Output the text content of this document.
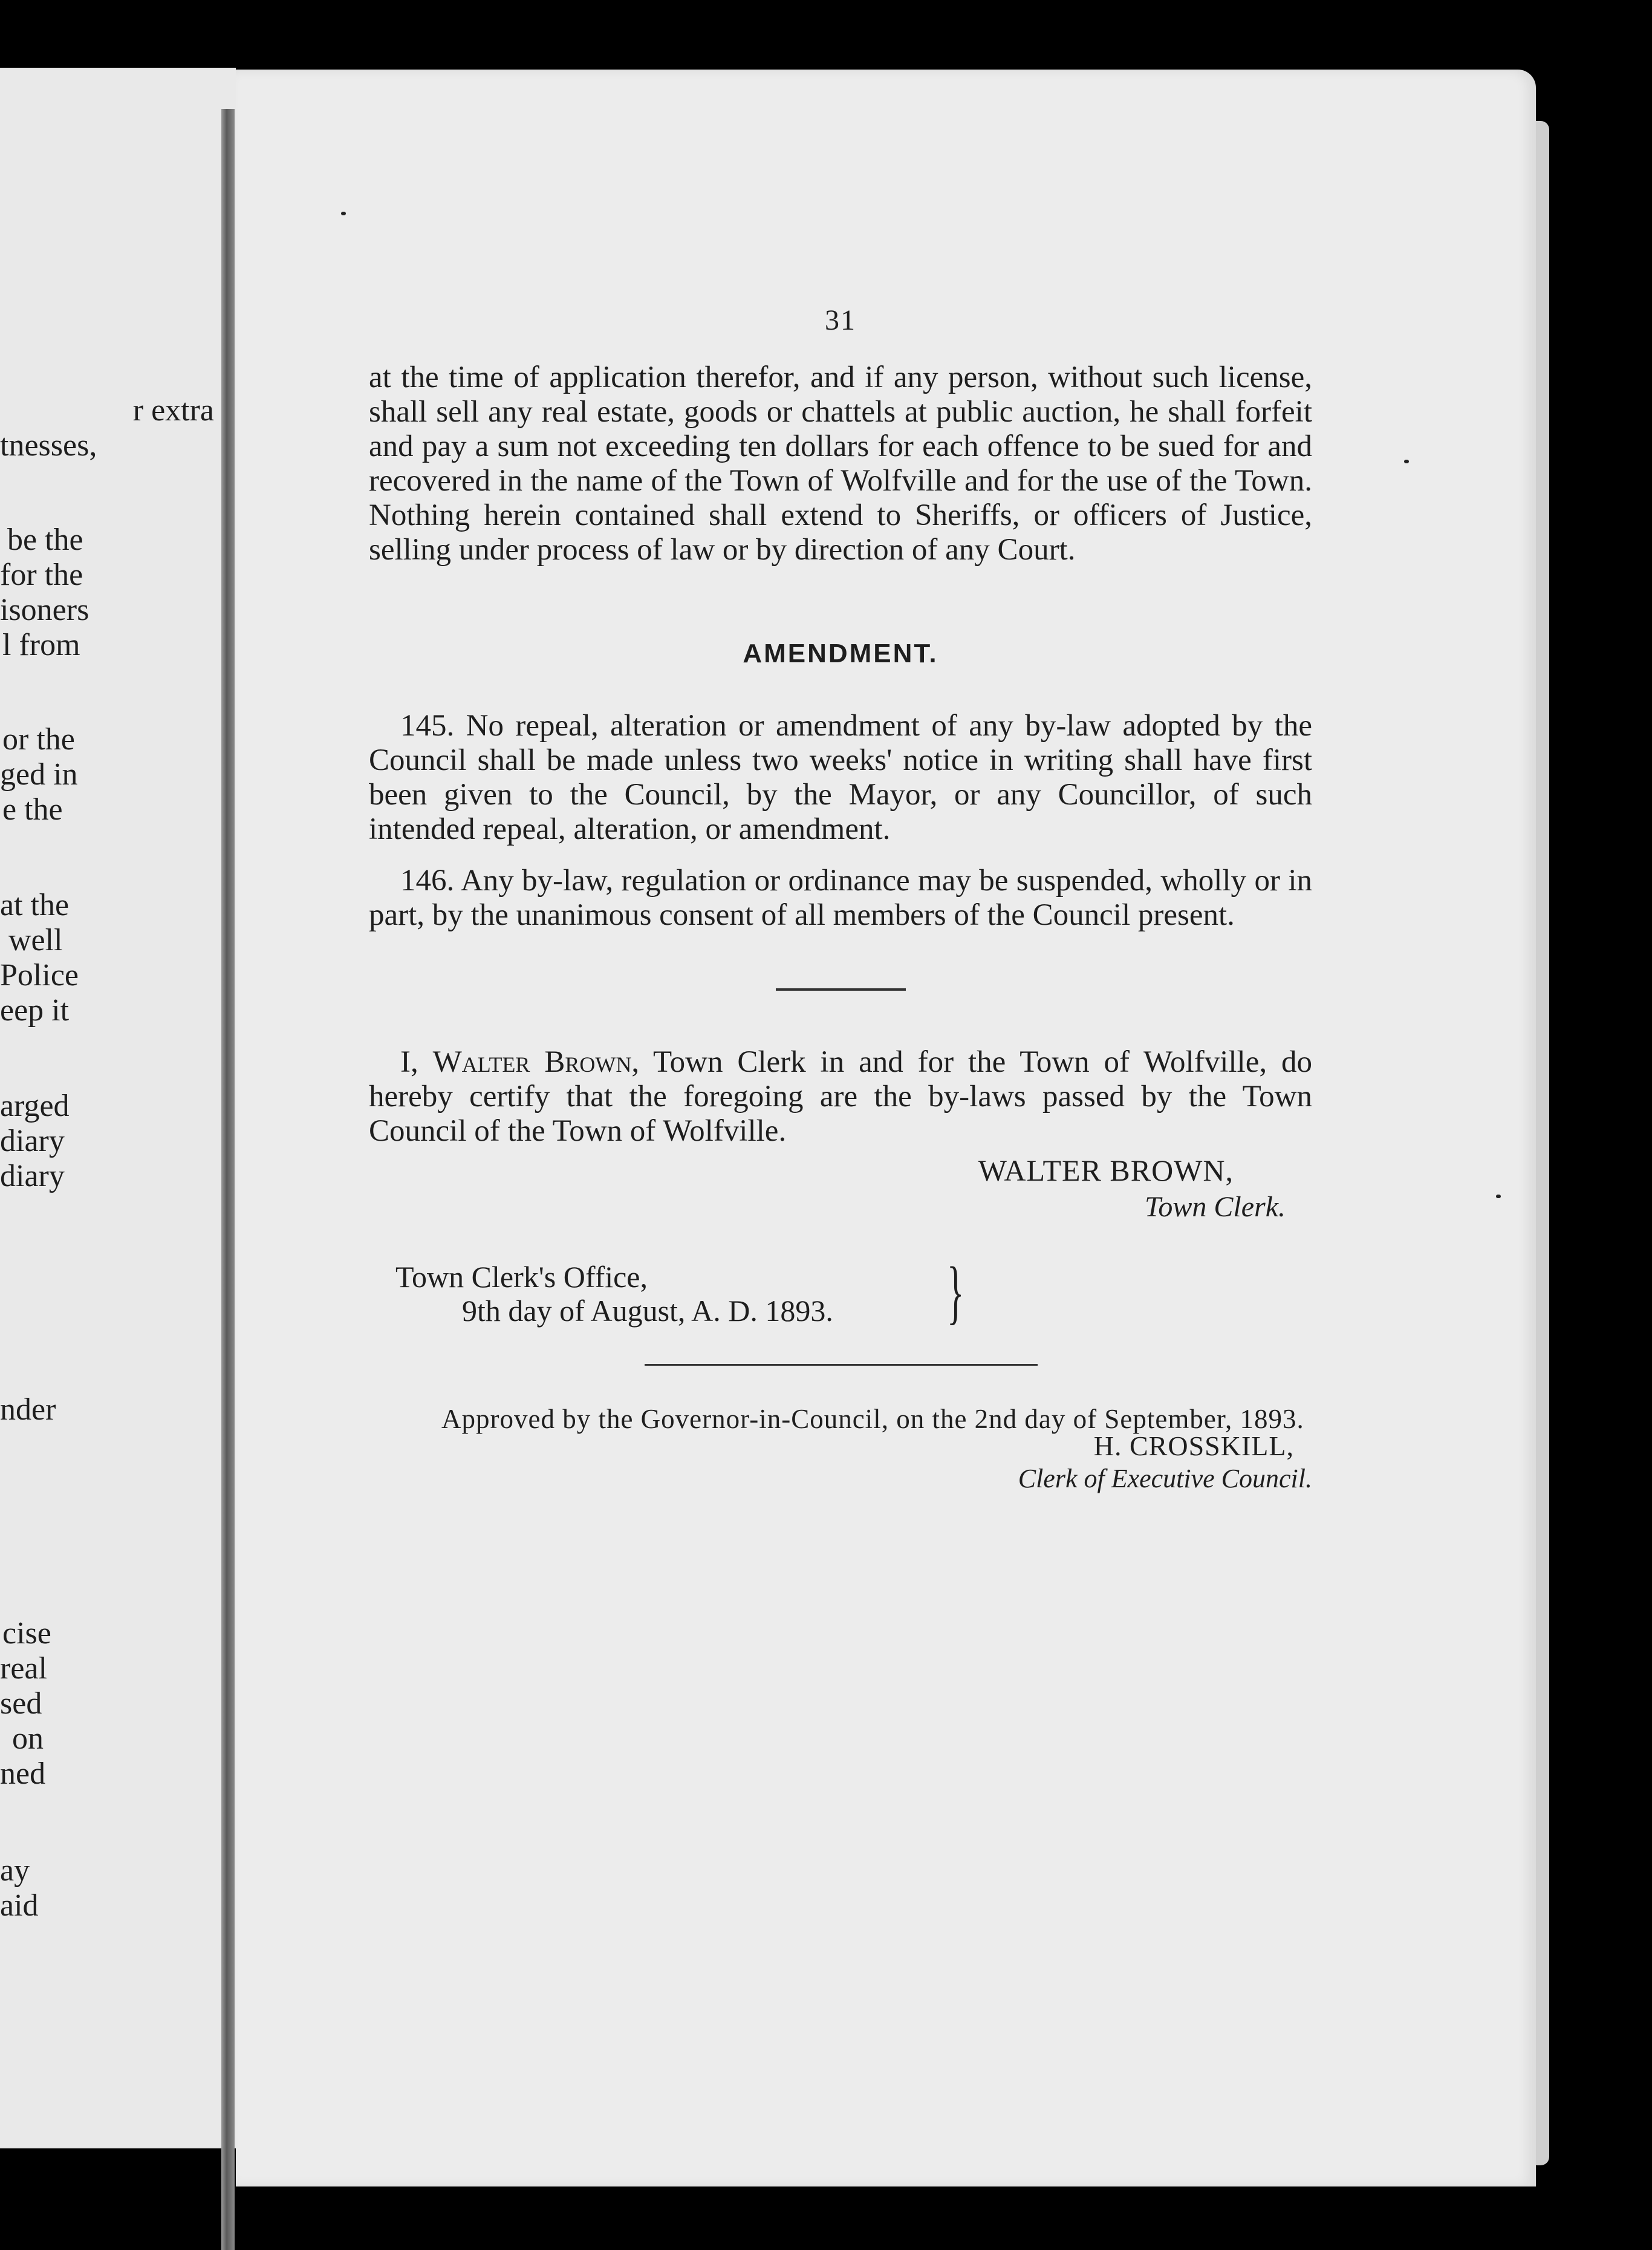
r extra
tnesses,
be the
for the
isoners
l from
or the
ged in
e the
at the
well
Police
eep it
arged
diary
diary
nder
cise
real
sed
on
ned
ay
aid
31

at the time of application therefor, and if any person, without such license, shall sell any real estate, goods or chattels at public auction, he shall forfeit and pay a sum not exceeding ten dollars for each offence to be sued for and recovered in the name of the Town of Wolfville and for the use of the Town. Nothing herein contained shall extend to Sheriffs, or officers of Justice, selling under process of law or by direction of any Court.

AMENDMENT.

145. No repeal, alteration or amendment of any by-law adopted by the Council shall be made unless two weeks' notice in writing shall have first been given to the Council, by the Mayor, or any Councillor, of such intended repeal, alteration, or amendment.

146. Any by-law, regulation or ordinance may be suspended, wholly or in part, by the unanimous consent of all members of the Council present.

I, Walter Brown, Town Clerk in and for the Town of Wolfville, do hereby certify that the foregoing are the by-laws passed by the Town Council of the Town of Wolfville.

WALTER BROWN,
Town Clerk.
Town Clerk's Office,
9th day of August, A. D. 1893.	}

Approved by the Governor-in-Council, on the 2nd day of September, 1893.

H. CROSSKILL,
Clerk of Executive Council.
